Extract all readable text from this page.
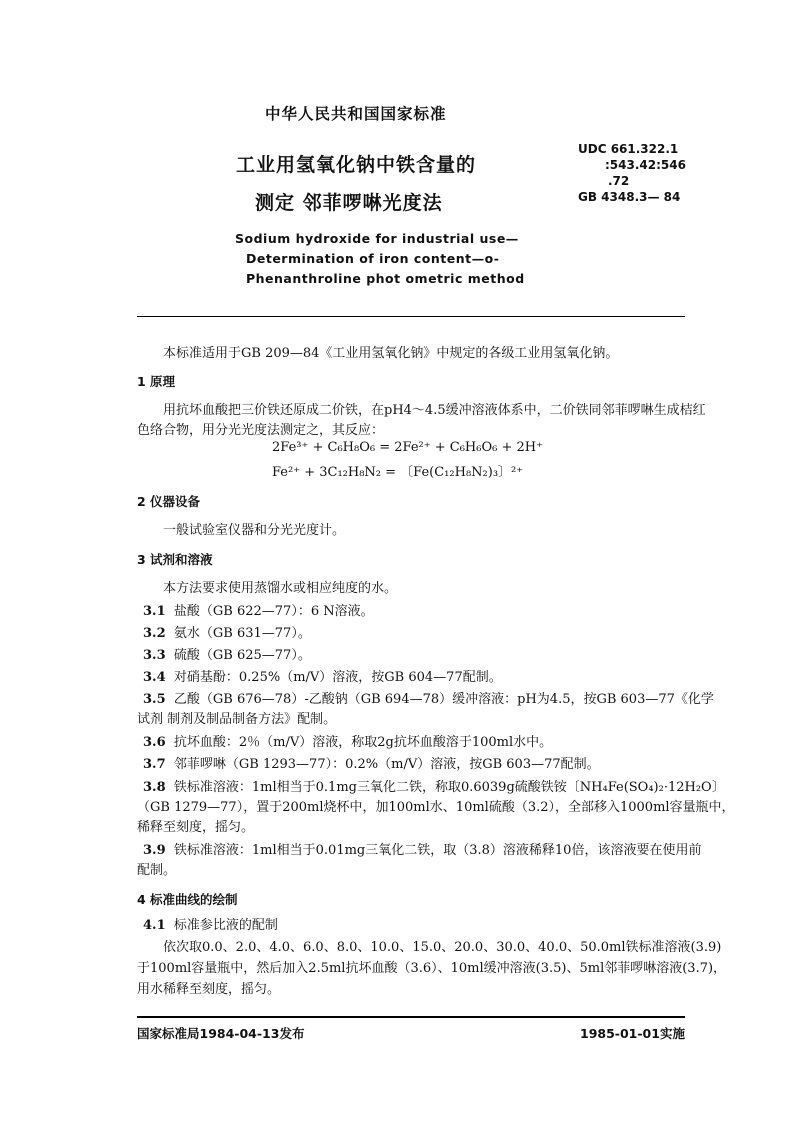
中华人民共和国国家标准
工业用氢氧化钠中铁含量的
测定 邻菲啰啉光度法
UDC 661.322.1
:543.42:546
.72
GB 4348.3— 84
Sodium hydroxide for industrial use—
Determination of iron content—o-
Phenanthroline phot ometric method
本标准适用于GB 209—84《工业用氢氧化钠》中规定的各级工业用氢氧化钠。
1 原理
用抗坏血酸把三价铁还原成二价铁，在pH4～4.5缓冲溶液体系中，二价铁同邻菲啰啉生成桔红
色络合物，用分光光度法测定之，其反应：
2Fe³⁺ + C₆H₈O₆ = 2Fe²⁺ + C₆H₆O₆ + 2H⁺
Fe²⁺ + 3C₁₂H₈N₂ = 〔Fe(C₁₂H₈N₂)₃〕²⁺
2 仪器设备
一般试验室仪器和分光光度计。
3 试剂和溶液
本方法要求使用蒸馏水或相应纯度的水。
3.1 盐酸（GB 622—77）：6 N溶液。
3.2 氨水（GB 631—77）。
3.3 硫酸（GB 625—77）。
3.4 对硝基酚：0.25%（m/V）溶液，按GB 604—77配制。
3.5 乙酸（GB 676—78）-乙酸钠（GB 694—78）缓冲溶液：pH为4.5，按GB 603—77《化学
试剂 制剂及制品制备方法》配制。
3.6 抗坏血酸：2％（m/V）溶液，称取2g抗坏血酸溶于100ml水中。
3.7 邻菲啰啉（GB 1293—77）：0.2%（m/V）溶液，按GB 603—77配制。
3.8 铁标准溶液：1ml相当于0.1mg三氧化二铁，称取0.6039g硫酸铁铵〔NH₄Fe(SO₄)₂·12H₂O〕
（GB 1279—77），置于200ml烧杯中，加100ml水、10ml硫酸（3.2），全部移入1000ml容量瓶中，
稀释至刻度，摇匀。
3.9 铁标准溶液：1ml相当于0.01mg三氧化二铁，取（3.8）溶液稀释10倍，该溶液要在使用前
配制。
4 标准曲线的绘制
4.1 标准参比液的配制
依次取0.0、2.0、4.0、6.0、8.0、10.0、15.0、20.0、30.0、40.0、50.0ml铁标准溶液(3.9)
于100ml容量瓶中，然后加入2.5ml抗坏血酸（3.6）、10ml缓冲溶液(3.5)、5ml邻菲啰啉溶液(3.7)，
用水稀释至刻度，摇匀。
国家标准局1984-04-13发布	1985-01-01实施
